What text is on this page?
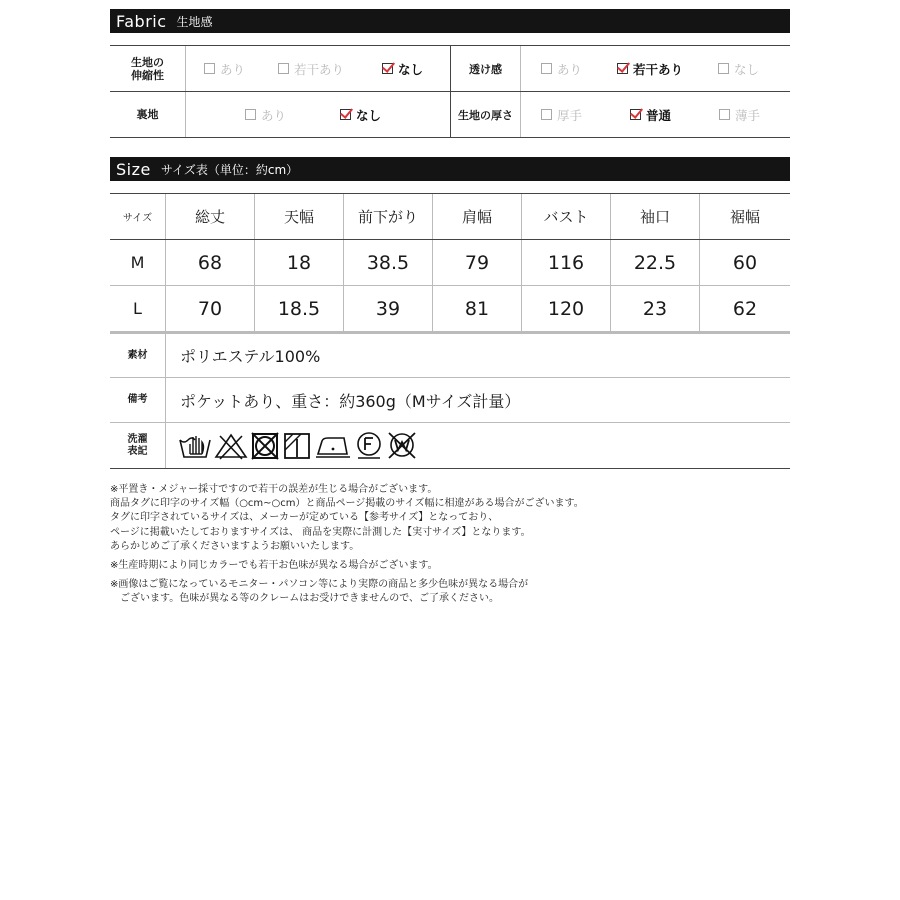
Fabric 生地感
生地の
伸縮性	あり	若干あり	なし	透け感	あり	若干あり	なし
裏地	あり	なし	生地の厚さ	厚手	普通	薄手
Size サイズ表（単位：約cm）
サイズ	総丈	天幅	前下がり	肩幅	バスト	袖口	裾幅
M	68	18	38.5	79	116	22.5	60
L	70	18.5	39	81	120	23	62
素材	ポリエステル100%
備考	ポケットあり、重さ：約360g（Mサイズ計量）
洗濯
表記

※平置き・メジャー採寸ですので若干の誤差が生じる場合がございます。

商品タグに印字のサイズ幅（○cm~○cm）と商品ページ掲載のサイズ幅に相違がある場合がございます。

タグに印字されているサイズは、メーカーが定めている【参考サイズ】となっており、

ページに掲載いたしておりますサイズは、 商品を実際に計測した【実寸サイズ】となります。

あらかじめご了承くださいますようお願いいたします。

※生産時期により同じカラーでも若干お色味が異なる場合がございます。

※画像はご覧になっているモニター・パソコン等により実際の商品と多少色味が異なる場合が

　ございます。色味が異なる等のクレームはお受けできませんので、ご了承ください。
